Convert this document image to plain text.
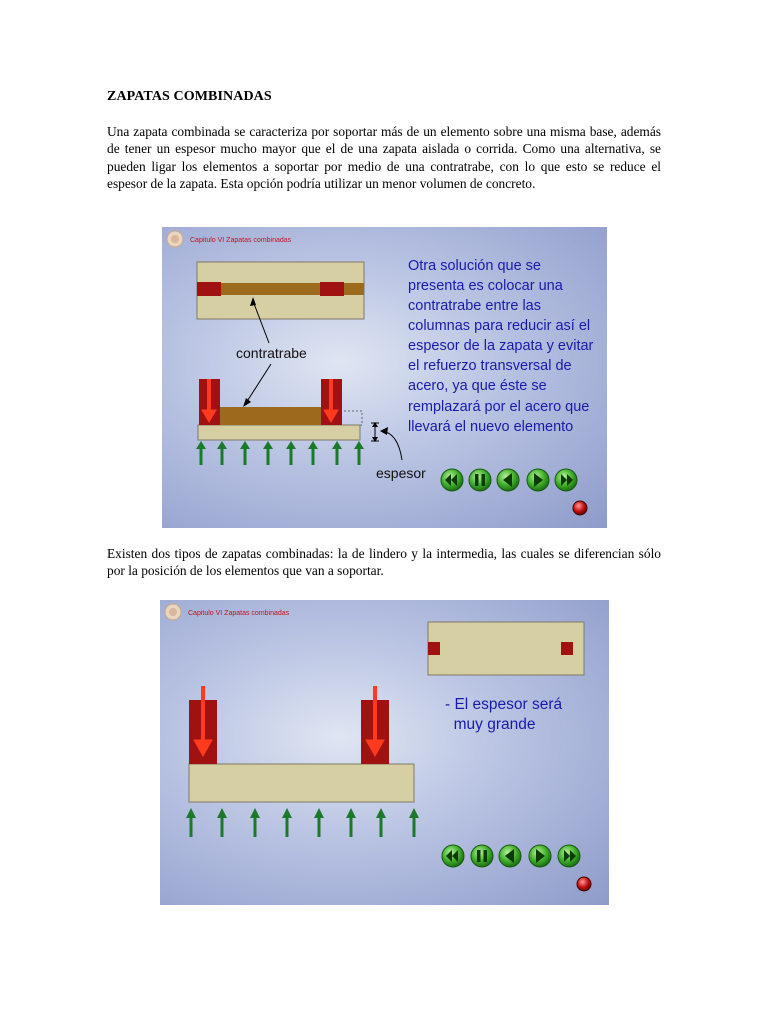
ZAPATAS COMBINADAS

Una zapata combinada se caracteriza por soportar más de un elemento sobre una misma base, además de tener un espesor mucho mayor que el de una zapata aislada o corrida. Como una alternativa, se pueden ligar los elementos a soportar por medio de una contratrabe, con lo que esto se reduce el espesor de la zapata. Esta opción podría utilizar un menor volumen de concreto.

Capitulo VI Zapatas combinadas
contratrabe
espesor
Otra solución que se
presenta es colocar una
contratrabe entre las
columnas para reducir así el
espesor de la zapata y evitar
el refuerzo transversal de
acero, ya que éste se
remplazará por el acero que
llevará el nuevo elemento

Existen dos tipos de zapatas combinadas: la de lindero y la intermedia, las cuales se diferencian sólo por la posición de los elementos que van a soportar.

Capitulo VI Zapatas combinadas
- El espesor será
muy grande
